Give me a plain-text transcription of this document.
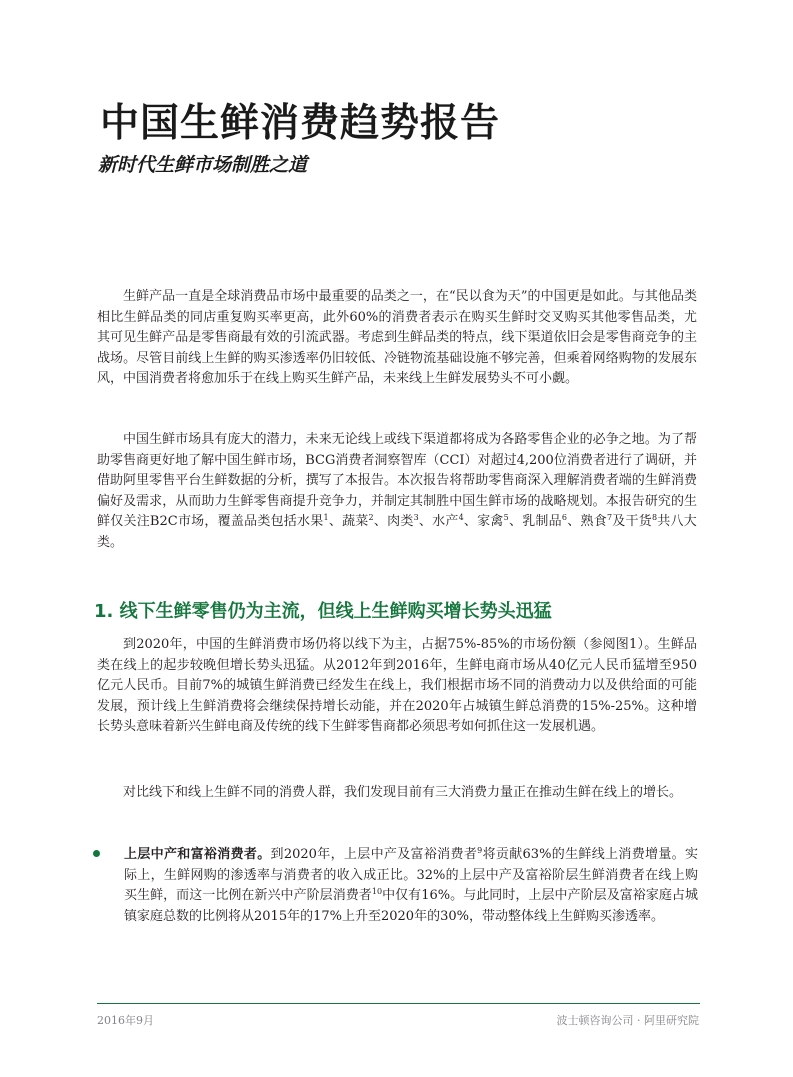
中国生鲜消费趋势报告
新时代生鲜市场制胜之道

生鲜产品一直是全球消费品市场中最重要的品类之一，在“民以食为天”的中国更是如此。与其他品类相比生鲜品类的同店重复购买率更高，此外60%的消费者表示在购买生鲜时交叉购买其他零售品类，尤其可见生鲜产品是零售商最有效的引流武器。考虑到生鲜品类的特点，线下渠道依旧会是零售商竞争的主战场。尽管目前线上生鲜的购买渗透率仍旧较低、冷链物流基础设施不够完善，但乘着网络购物的发展东风，中国消费者将愈加乐于在线上购买生鲜产品，未来线上生鲜发展势头不可小觑。

中国生鲜市场具有庞大的潜力，未来无论线上或线下渠道都将成为各路零售企业的必争之地。为了帮助零售商更好地了解中国生鲜市场，BCG消费者洞察智库（CCI）对超过4,200位消费者进行了调研，并借助阿里零售平台生鲜数据的分析，撰写了本报告。本次报告将帮助零售商深入理解消费者端的生鲜消费偏好及需求，从而助力生鲜零售商提升竞争力，并制定其制胜中国生鲜市场的战略规划。本报告研究的生鲜仅关注B2C市场，覆盖品类包括水果$^1$、蔬菜$^2$、肉类$^3$、水产$^4$、家禽$^5$、乳制品$^6$、熟食$^7$及干货$^8$共八大类。

1. 线下生鲜零售仍为主流，但线上生鲜购买增长势头迅猛

到2020年，中国的生鲜消费市场仍将以线下为主，占据75%-85%的市场份额（参阅图1）。生鲜品类在线上的起步较晚但增长势头迅猛。从2012年到2016年，生鲜电商市场从40亿元人民币猛增至950亿元人民币。目前7%的城镇生鲜消费已经发生在线上，我们根据市场不同的消费动力以及供给面的可能发展，预计线上生鲜消费将会继续保持增长动能，并在2020年占城镇生鲜总消费的15%-25%。这种增长势头意味着新兴生鲜电商及传统的线下生鲜零售商都必须思考如何抓住这一发展机遇。

对比线下和线上生鲜不同的消费人群，我们发现目前有三大消费力量正在推动生鲜在线上的增长。

上层中产和富裕消费者。到2020年，上层中产及富裕消费者$^9$将贡献63%的生鲜线上消费增量。实际上，生鲜网购的渗透率与消费者的收入成正比。32%的上层中产及富裕阶层生鲜消费者在线上购买生鲜，而这一比例在新兴中产阶层消费者$^{10}$中仅有16%。与此同时，上层中产阶层及富裕家庭占城镇家庭总数的比例将从2015年的17%上升至2020年的30%，带动整体线上生鲜购买渗透率。

2016年9月	波士顿咨询公司 · 阿里研究院
